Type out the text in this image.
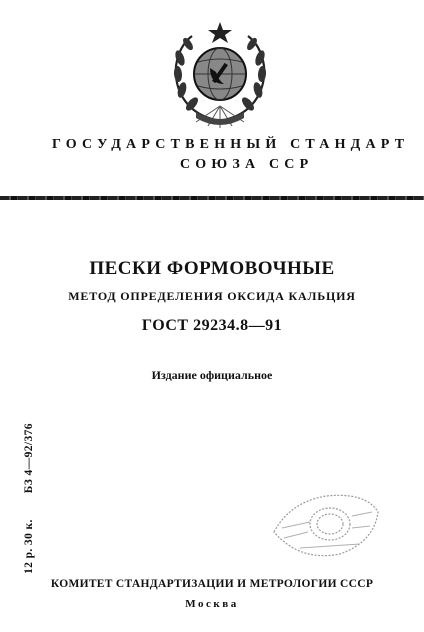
ГОСУДАРСТВЕННЫЙ СТАНДАРТ
СОЮЗА ССР
ПЕСКИ ФОРМОВОЧНЫЕ
МЕТОД ОПРЕДЕЛЕНИЯ ОКСИДА КАЛЬЦИЯ
ГОСТ 29234.8—91
Издание официальное
12 р. 30 к.БЗ 4—92/376
КОМИТЕТ СТАНДАРТИЗАЦИИ И МЕТРОЛОГИИ СССР
Москва
